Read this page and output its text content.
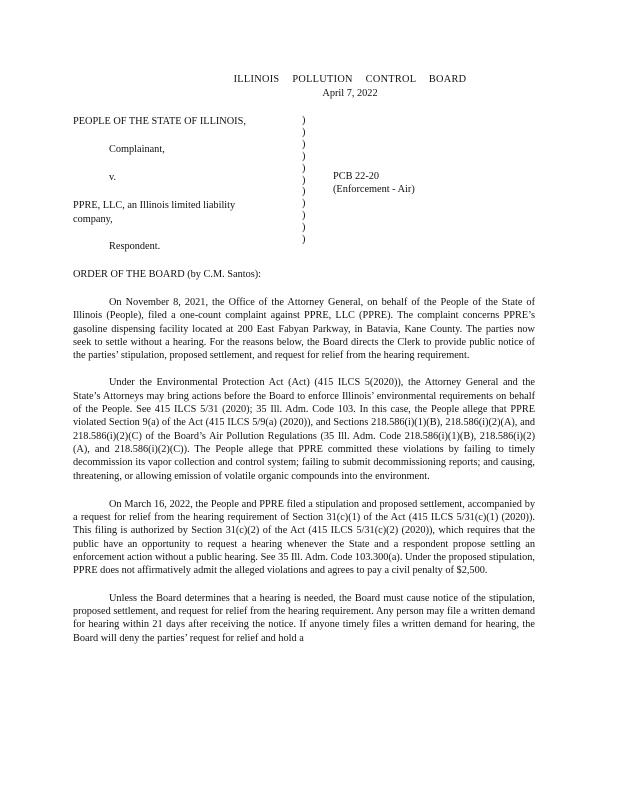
ILLINOIS POLLUTION CONTROL BOARD
April 7, 2022
PEOPLE OF THE STATE OF ILLINOIS,
Complainant,
v.
PPRE, LLC, an Illinois limited liability
company,
Respondent.
)
)
)
)
)
)
)
)
)
)
)
PCB 22-20
(Enforcement - Air)
ORDER OF THE BOARD (by C.M. Santos):

On November 8, 2021, the Office of the Attorney General, on behalf of the People of the State of Illinois (People), filed a one-count complaint against PPRE, LLC (PPRE). The complaint concerns PPRE’s gasoline dispensing facility located at 200 East Fabyan Parkway, in Batavia, Kane County. The parties now seek to settle without a hearing. For the reasons below, the Board directs the Clerk to provide public notice of the parties’ stipulation, proposed settlement, and request for relief from the hearing requirement.

Under the Environmental Protection Act (Act) (415 ILCS 5(2020)), the Attorney General and the State’s Attorneys may bring actions before the Board to enforce Illinois’ environmental requirements on behalf of the People. See 415 ILCS 5/31 (2020); 35 Ill. Adm. Code 103. In this case, the People allege that PPRE violated Section 9(a) of the Act (415 ILCS 5/9(a) (2020)), and Sections 218.586(i)(1)(B), 218.586(i)(2)(A), and 218.586(i)(2)(C) of the Board’s Air Pollution Regulations (35 Ill. Adm. Code 218.586(i)(1)(B), 218.586(i)(2)(A), and 218.586(i)(2)(C)). The People allege that PPRE committed these violations by failing to timely decommission its vapor collection and control system; failing to submit decommissioning reports; and causing, threatening, or allowing emission of volatile organic compounds into the environment.

On March 16, 2022, the People and PPRE filed a stipulation and proposed settlement, accompanied by a request for relief from the hearing requirement of Section 31(c)(1) of the Act (415 ILCS 5/31(c)(1) (2020)). This filing is authorized by Section 31(c)(2) of the Act (415 ILCS 5/31(c)(2) (2020)), which requires that the public have an opportunity to request a hearing whenever the State and a respondent propose settling an enforcement action without a public hearing. See 35 Ill. Adm. Code 103.300(a). Under the proposed stipulation, PPRE does not affirmatively admit the alleged violations and agrees to pay a civil penalty of $2,500.

Unless the Board determines that a hearing is needed, the Board must cause notice of the stipulation, proposed settlement, and request for relief from the hearing requirement. Any person may file a written demand for hearing within 21 days after receiving the notice. If anyone timely files a written demand for hearing, the Board will deny the parties’ request for relief and hold a
